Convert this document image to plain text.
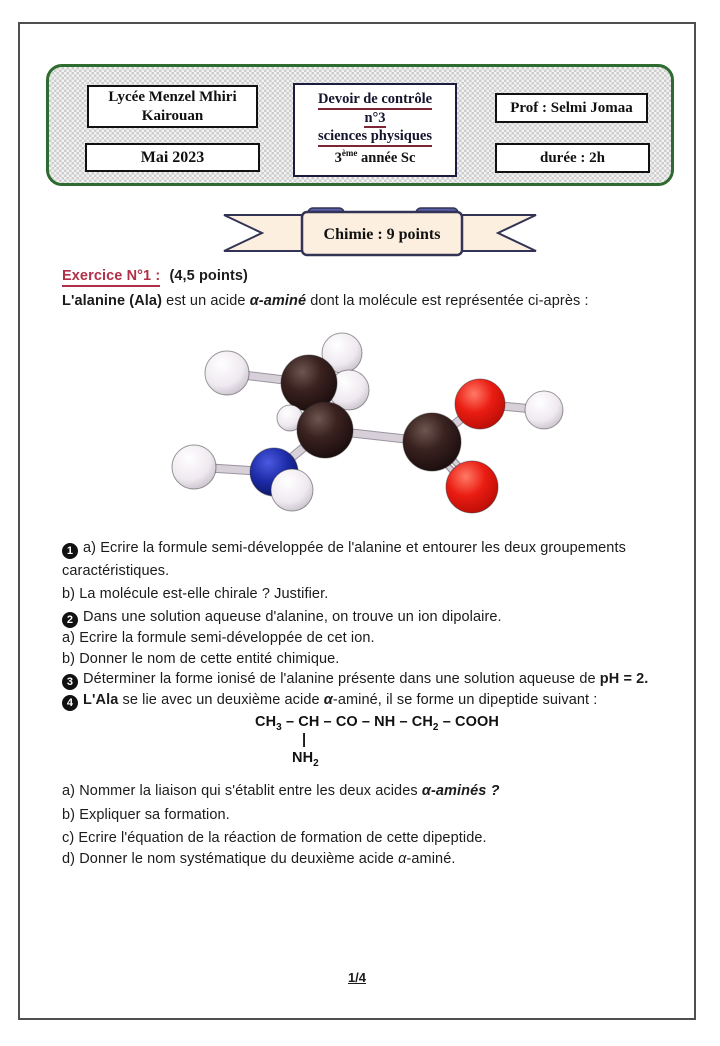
Lycée Menzel Mhiri
Kairouan
Mai 2023
Devoir de contrôle
n°3
sciences physiques
3ème année Sc
Prof : Selmi Jomaa
durée : 2h
Chimie : 9 points
Exercice N°1 : (4,5 points)
L'alanine (Ala) est un acide α-aminé dont la molécule est représentée ci-après :
1 a) Ecrire la formule semi-développée de l'alanine et entourer les deux groupements
caractéristiques.
b) La molécule est-elle chirale ? Justifier.
2 Dans une solution aqueuse d'alanine, on trouve un ion dipolaire.
a) Ecrire la formule semi-développée de cet ion.
b) Donner le nom de cette entité chimique.
3 Déterminer la forme ionisé de l'alanine présente dans une solution aqueuse de pH = 2.
4 L'Ala se lie avec un deuxième acide α-aminé, il se forme un dipeptide suivant :
$CH_3$ – CH – CO – NH – $CH_2$ – COOH
|
$NH_2$
a) Nommer la liaison qui s'établit entre les deux acides α-aminés ?
b) Expliquer sa formation.
c) Ecrire l'équation de la réaction de formation de cette dipeptide.
d) Donner le nom systématique du deuxième acide α-aminé.
1/4
